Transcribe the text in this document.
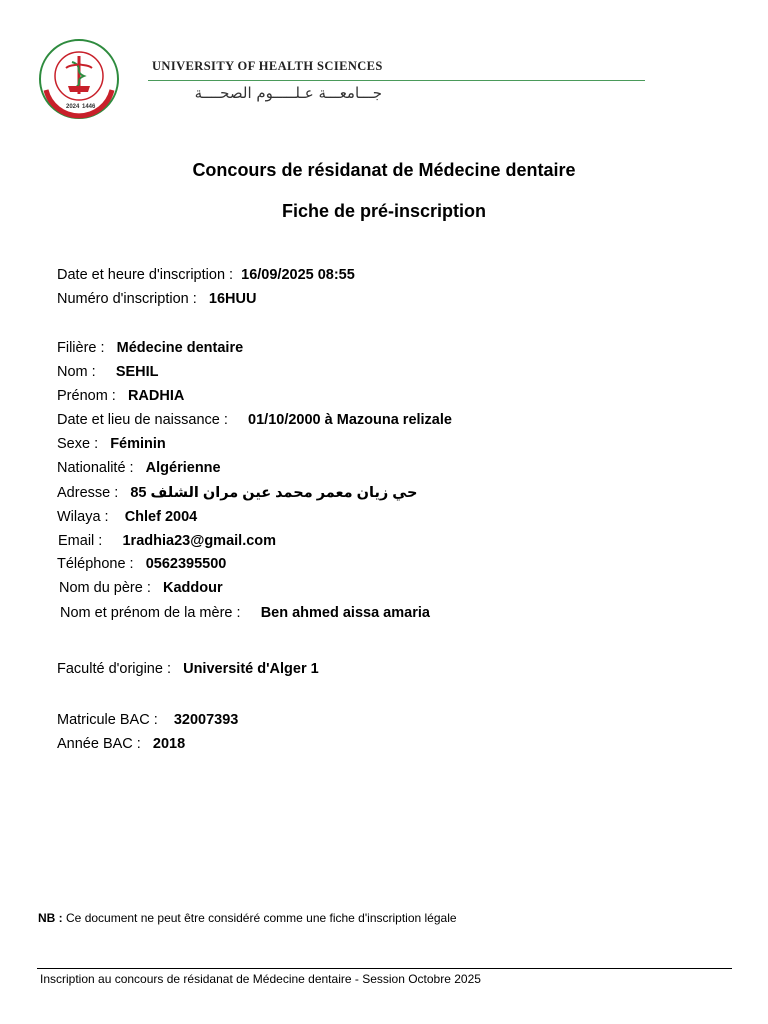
2024 1446
UNIVERSITY OF HEALTH SCIENCES
جـــامعـــة عـلـــــوم الصحــــة
Concours de résidanat de Médecine dentaire
Fiche de pré-inscription
Date et heure d'inscription : 16/09/2025 08:55
Numéro d'inscription : 16HUU
Filière : Médecine dentaire
Nom : SEHIL
Prénom : RADHIA
Date et lieu de naissance : 01/10/2000 à Mazouna relizale
Sexe : Féminin
Nationalité : Algérienne
Adresse : حي زيان معمر محمد عين مران الشلف 85
Wilaya : Chlef 2004
Email : 1radhia23@gmail.com
Téléphone : 0562395500
Nom du père : Kaddour
Nom et prénom de la mère : Ben ahmed aissa amaria
Faculté d'origine : Université d'Alger 1
Matricule BAC : 32007393
Année BAC : 2018
NB : Ce document ne peut être considéré comme une fiche d'inscription légale
Inscription au concours de résidanat de Médecine dentaire - Session Octobre 2025
